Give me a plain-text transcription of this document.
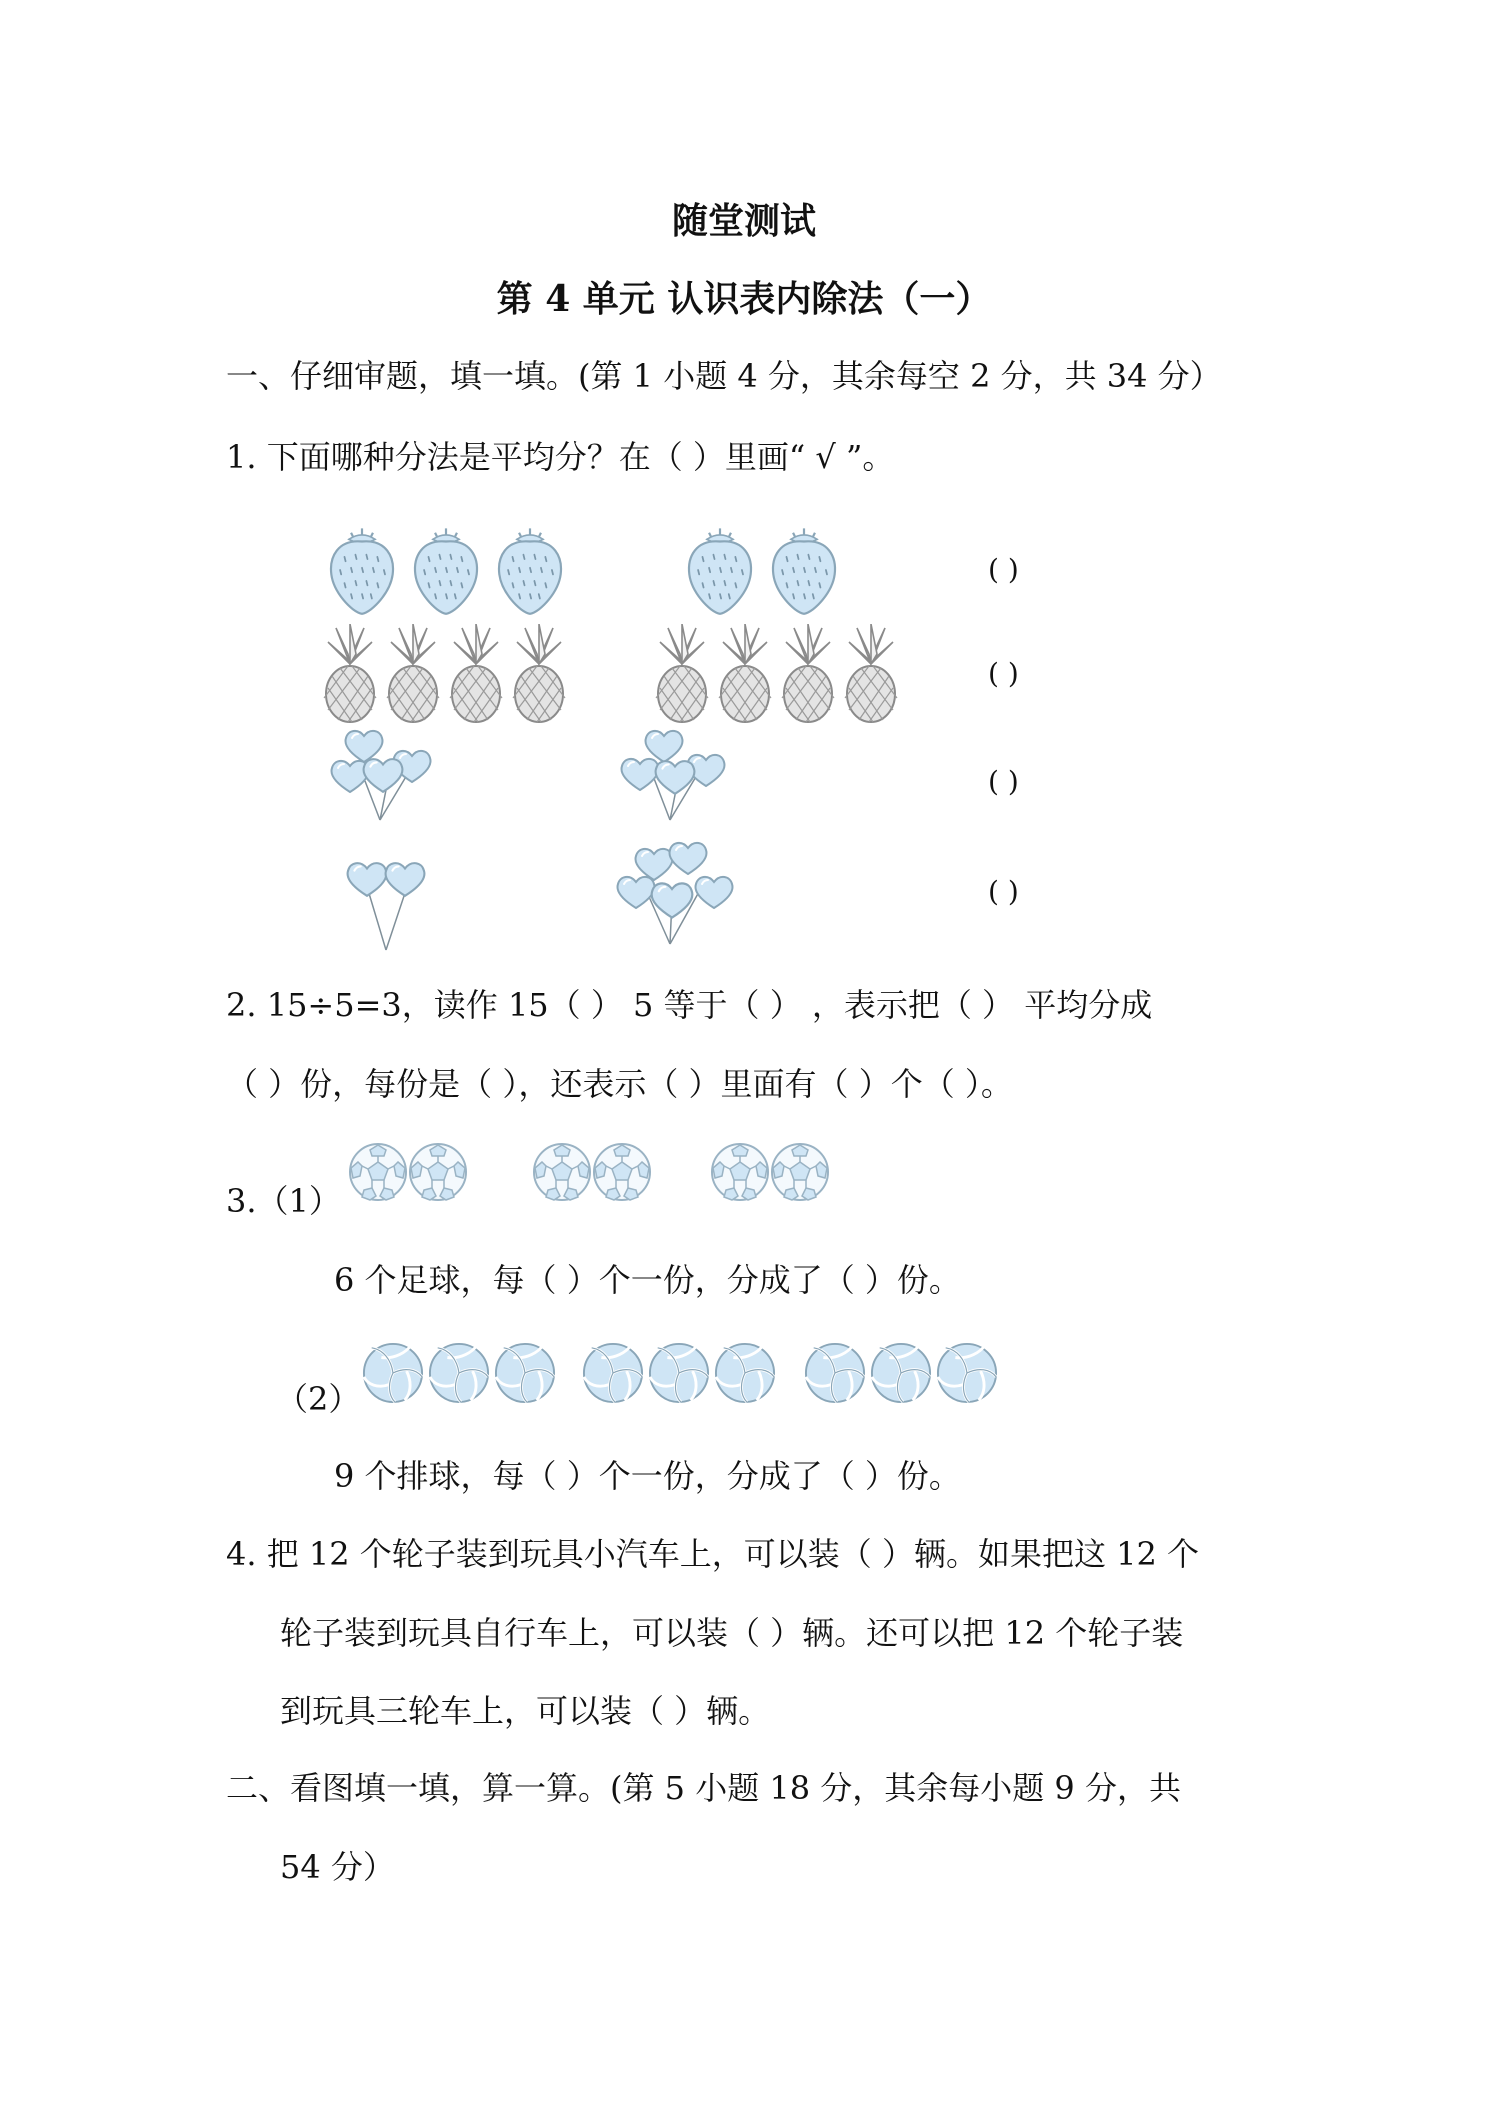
随堂测试
第 4 单元 认识表内除法（一）
一、仔细审题，填一填。(第 1 小题 4 分，其余每空 2 分，共 34 分）
1. 下面哪种分法是平均分？在（ ）里画“ √ ”。
( )
( )
( )
( )
2. 15÷5=3，读作 15（ ） 5 等于（ ） ，表示把（ ） 平均分成
（ ）份，每份是（ ），还表示（ ）里面有（ ）个（ ）。
3.（1）
6 个足球，每（ ）个一份，分成了（ ）份。
（2）
9 个排球，每（ ）个一份，分成了（ ）份。
4. 把 12 个轮子装到玩具小汽车上，可以装（ ）辆。如果把这 12 个
轮子装到玩具自行车上，可以装（ ）辆。还可以把 12 个轮子装
到玩具三轮车上，可以装（ ）辆。
二、看图填一填，算一算。(第 5 小题 18 分，其余每小题 9 分，共
54 分）
